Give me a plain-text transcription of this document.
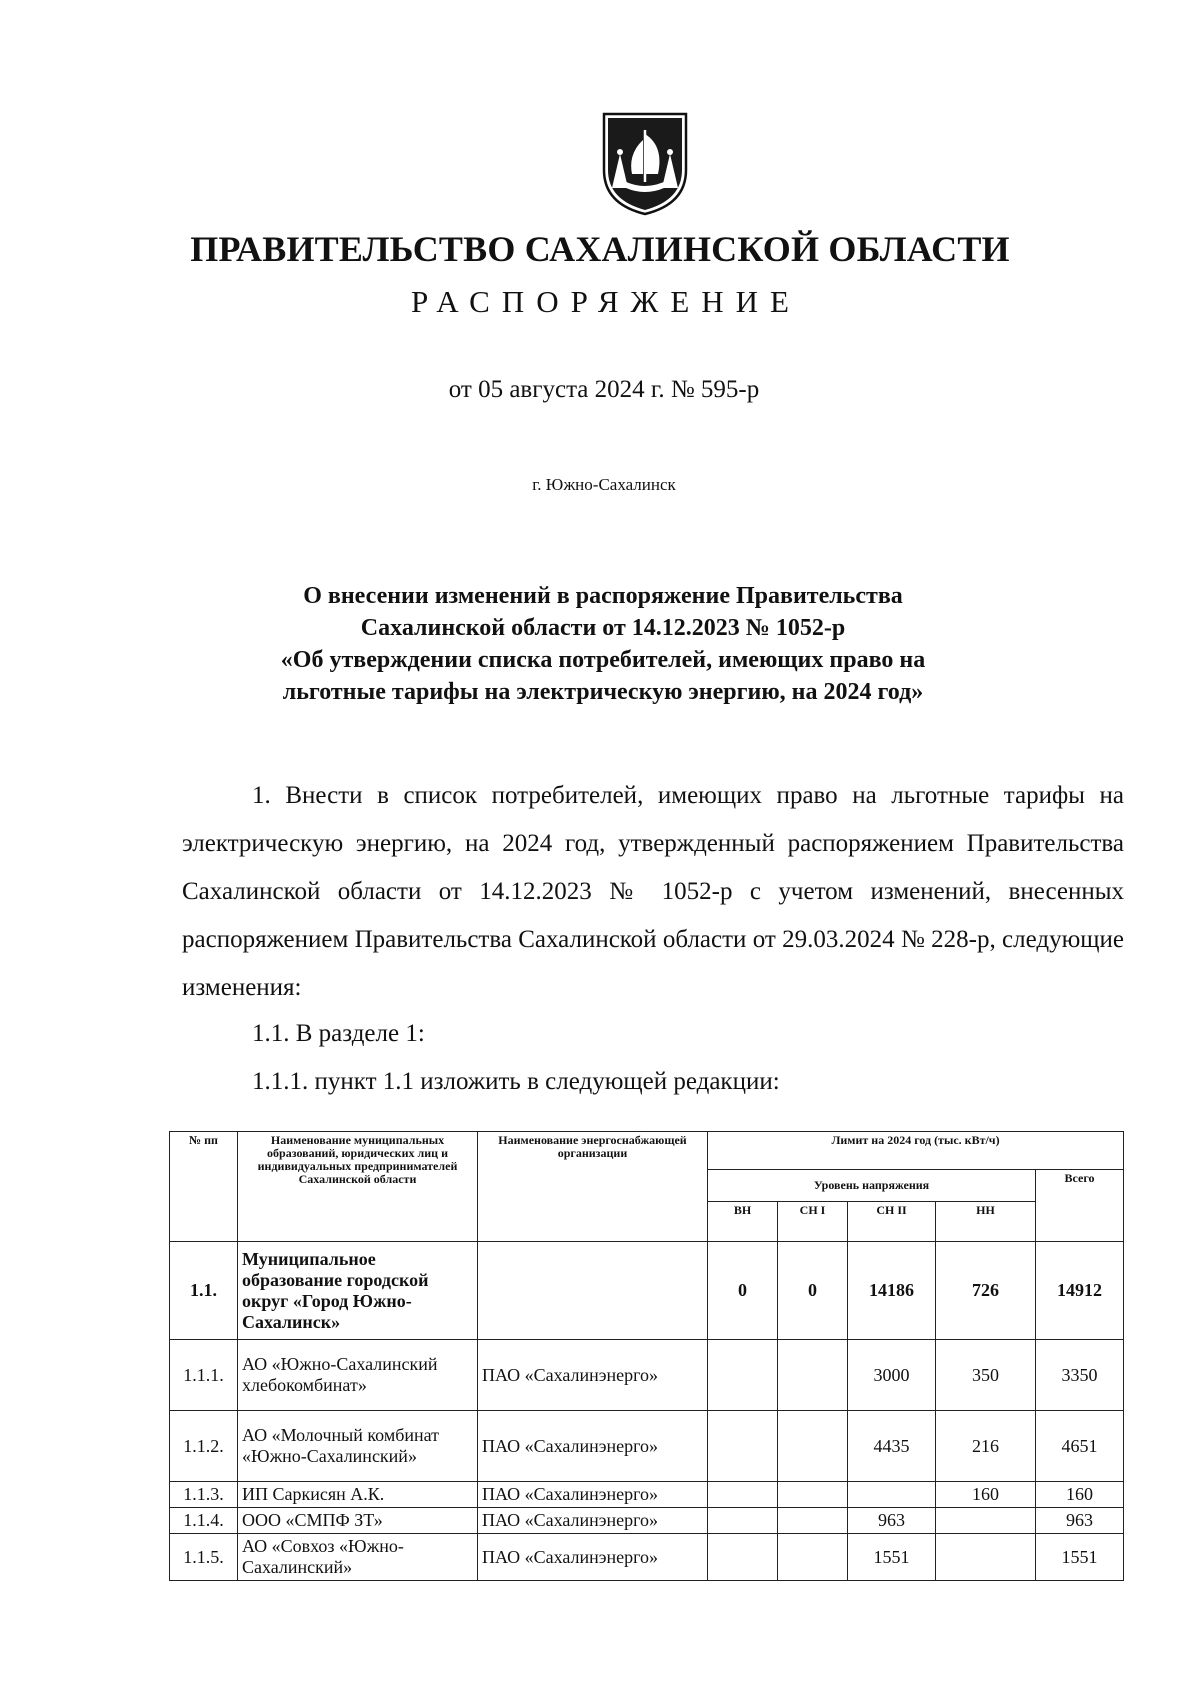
ПРАВИТЕЛЬСТВО САХАЛИНСКОЙ ОБЛАСТИ
РАСПОРЯЖЕНИЕ
от 05 августа 2024 г. № 595-р
г. Южно-Сахалинск
О внесении изменений в распоряжение Правительства
Сахалинской области от 14.12.2023 № 1052-р
«Об утверждении списка потребителей, имеющих право на
льготные тарифы на электрическую энергию, на 2024 год»

1. Внести в список потребителей, имеющих право на льготные тарифы на электрическую энергию, на 2024 год, утвержденный распоряжением Правительства Сахалинской области от 14.12.2023 № 1052-р с учетом изменений, внесенных распоряжением Правительства Сахалинской области от 29.03.2024 № 228-р, следующие изменения:

1.1. В разделе 1:
1.1.1. пункт 1.1 изложить в следующей редакции:
№ пп	Наименование муниципальных образований, юридических лиц и индивидуальных предпринимателей Сахалинской области	Наименование энергоснабжающей организации	Лимит на 2024 год (тыс. кВт/ч)				
			Уровень напряжения				Всего
			ВН	СН I	СН II	НН	
1.1.	Муниципальное образование городской округ «Город Южно-Сахалинск»		0	0	14186	726	14912
1.1.1.	АО «Южно-Сахалинский хлебокомбинат»	ПАО «Сахалинэнерго»			3000	350	3350
1.1.2.	АО «Молочный комбинат «Южно-Сахалинский»	ПАО «Сахалинэнерго»			4435	216	4651
1.1.3.	ИП Саркисян А.К.	ПАО «Сахалинэнерго»				160	160
1.1.4.	ООО «СМПФ ЗТ»	ПАО «Сахалинэнерго»			963		963
1.1.5.	АО «Совхоз «Южно-Сахалинский»	ПАО «Сахалинэнерго»			1551		1551
